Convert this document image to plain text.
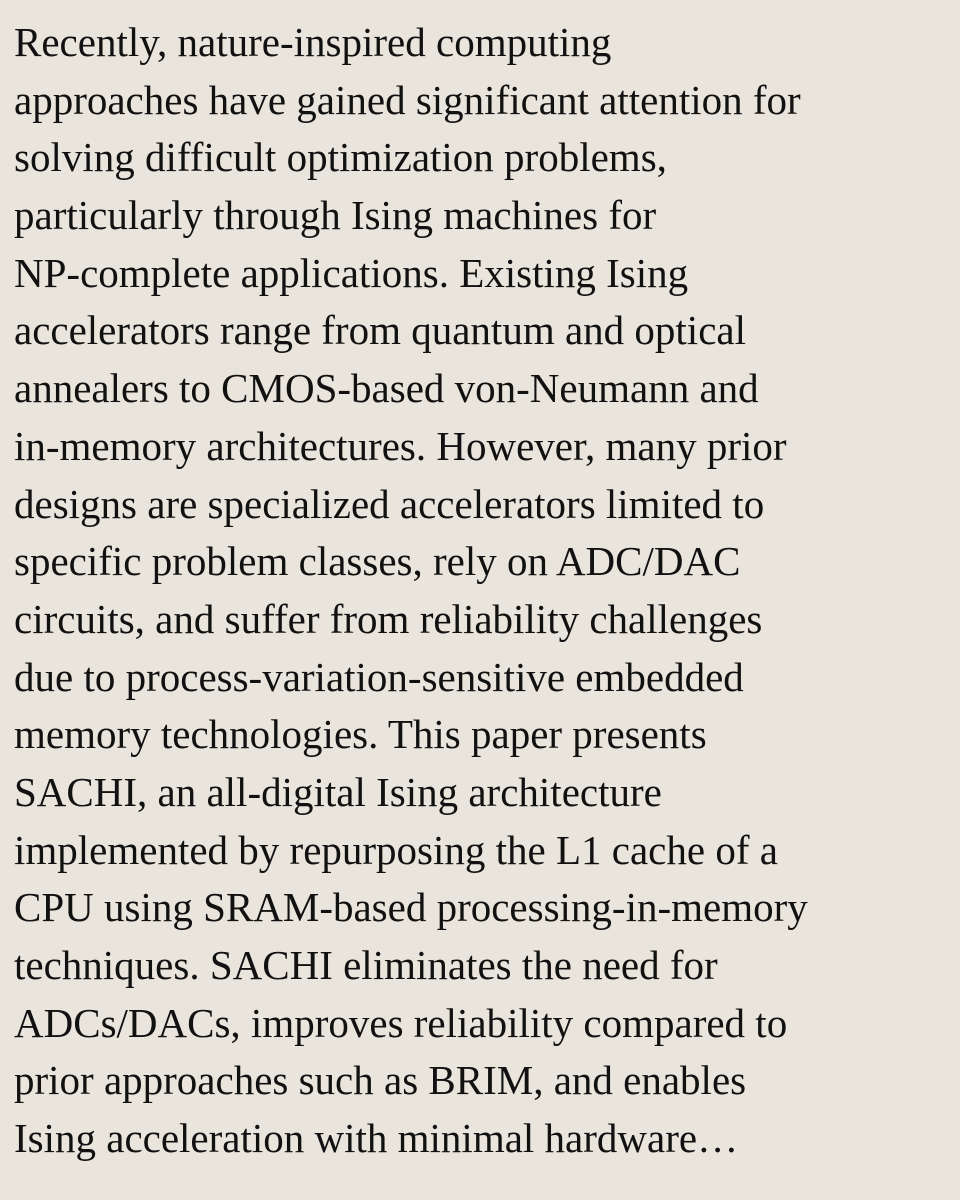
Recently, nature-inspired computing
approaches have gained significant attention for
solving difficult optimization problems,
particularly through Ising machines for
NP-complete applications. Existing Ising
accelerators range from quantum and optical
annealers to CMOS-based von-Neumann and
in-memory architectures. However, many prior
designs are specialized accelerators limited to
specific problem classes, rely on ADC/DAC
circuits, and suffer from reliability challenges
due to process-variation-sensitive embedded
memory technologies. This paper presents
SACHI, an all-digital Ising architecture
implemented by repurposing the L1 cache of a
CPU using SRAM-based processing-in-memory
techniques. SACHI eliminates the need for
ADCs/DACs, improves reliability compared to
prior approaches such as BRIM, and enables
Ising acceleration with minimal hardware…
